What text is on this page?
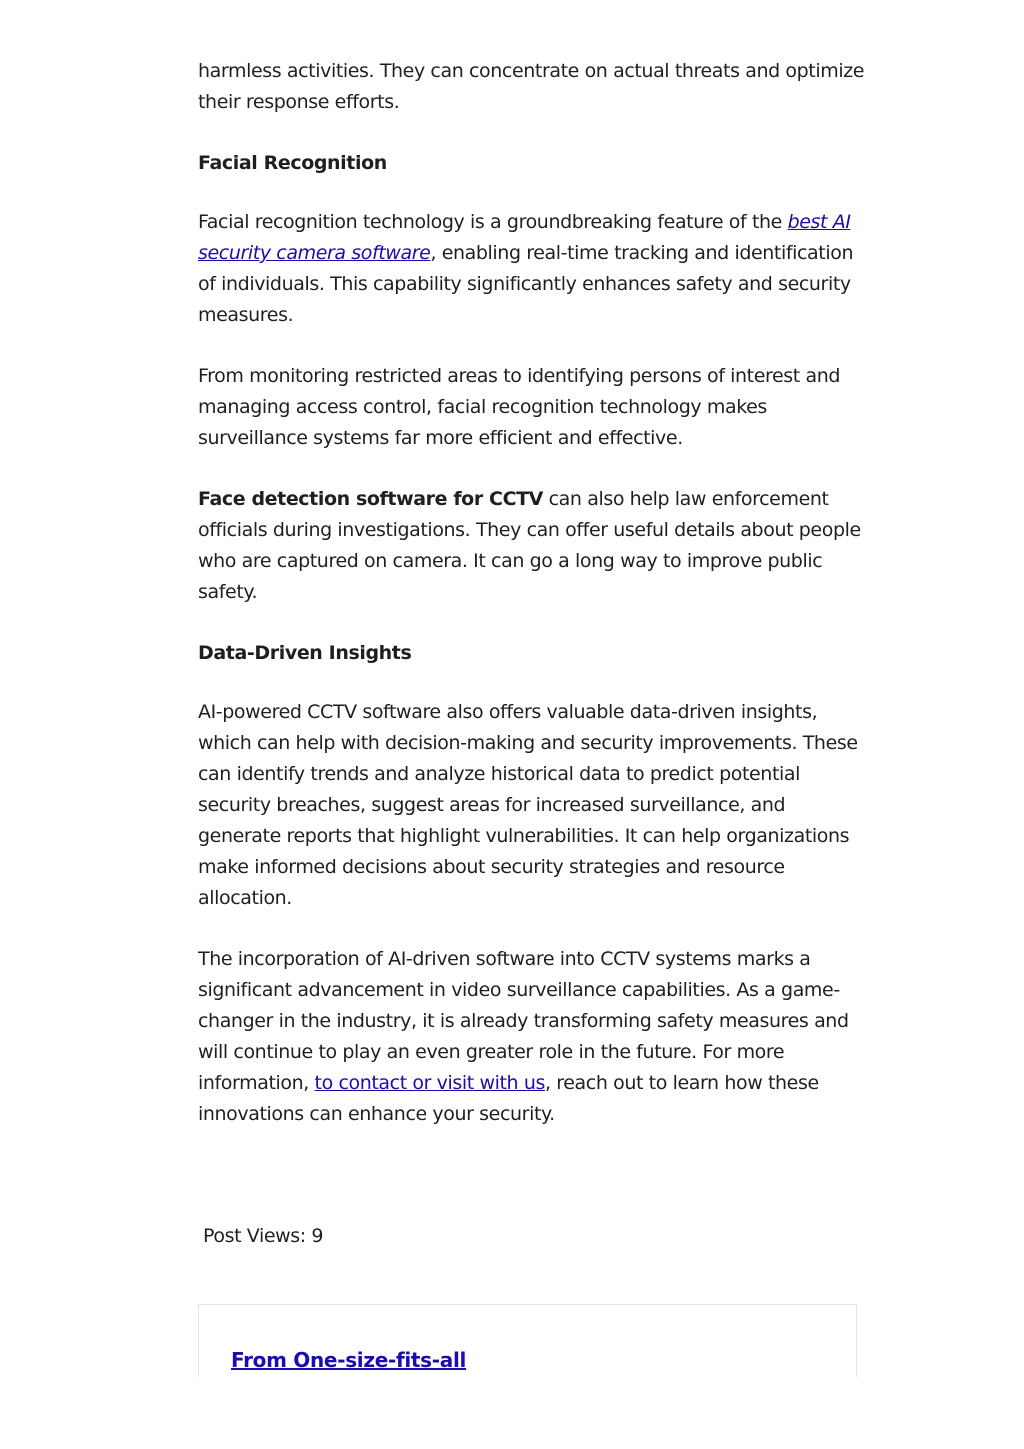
harmless activities. They can concentrate on actual threats and optimize their response efforts.

Facial Recognition

Facial recognition technology is a groundbreaking feature of the best AI security camera software, enabling real-time tracking and identification of individuals. This capability significantly enhances safety and security measures.

From monitoring restricted areas to identifying persons of interest and managing access control, facial recognition technology makes surveillance systems far more efficient and effective.

Face detection software for CCTV can also help law enforcement officials during investigations. They can offer useful details about people who are captured on camera. It can go a long way to improve public safety.

Data-Driven Insights

AI-powered CCTV software also offers valuable data-driven insights, which can help with decision-making and security improvements. These can identify trends and analyze historical data to predict potential security breaches, suggest areas for increased surveillance, and generate reports that highlight vulnerabilities. It can help organizations make informed decisions about security strategies and resource allocation.

The incorporation of AI-driven software into CCTV systems marks a significant advancement in video surveillance capabilities. As a game-changer in the industry, it is already transforming safety measures and will continue to play an even greater role in the future. For more information, to contact or visit with us, reach out to learn how these innovations can enhance your security.

Post Views: 9
From One-size-fits-all
